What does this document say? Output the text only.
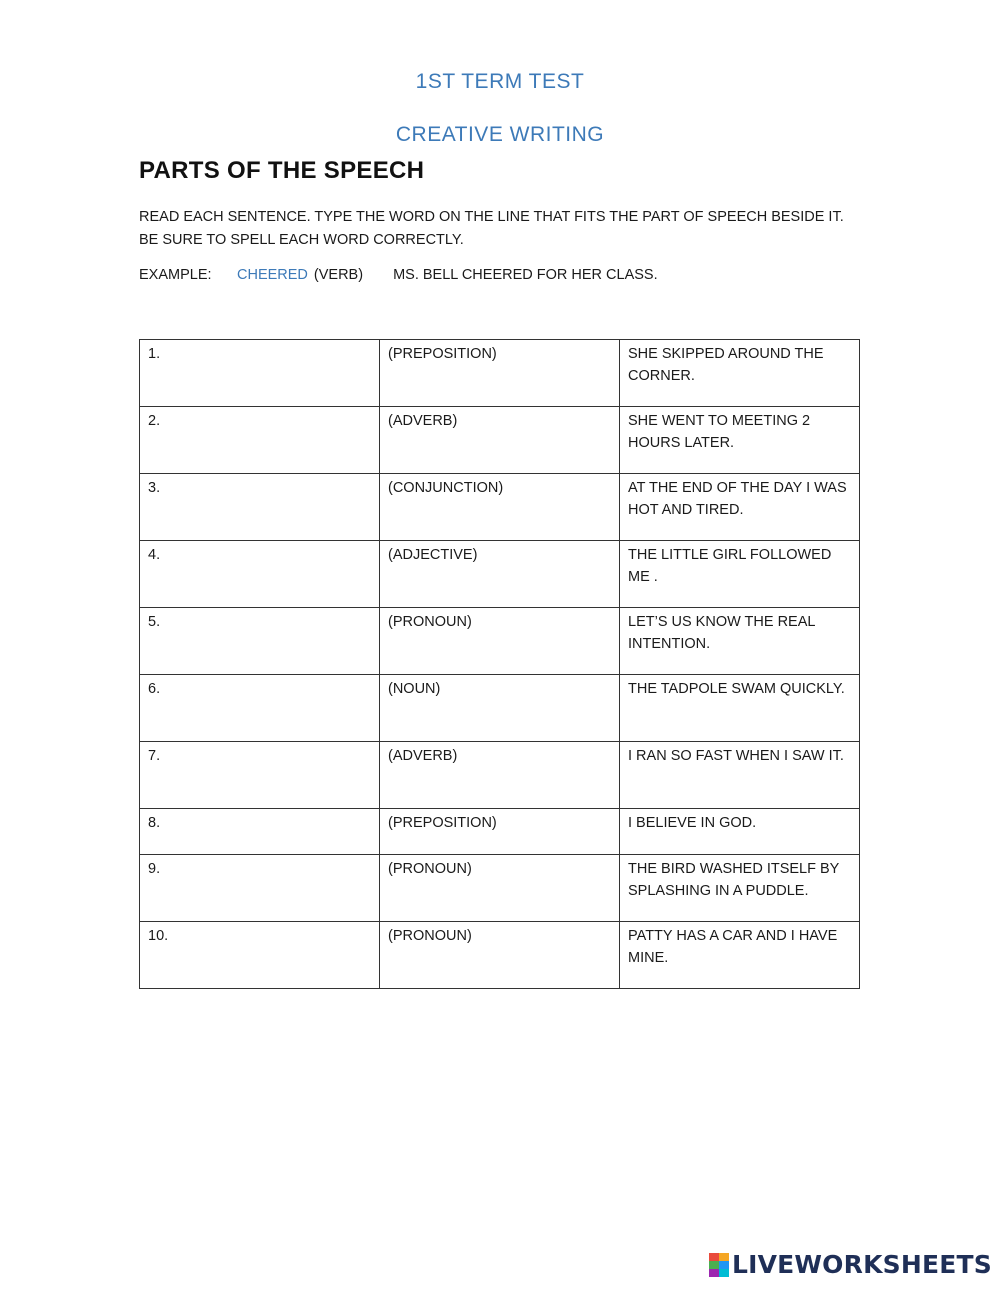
1ST TERM TEST
CREATIVE WRITING
PARTS OF THE SPEECH
READ EACH SENTENCE. TYPE THE WORD ON THE LINE THAT FITS THE PART OF SPEECH BESIDE IT. BE SURE TO SPELL EACH WORD CORRECTLY.
EXAMPLE: CHEERED (VERB) MS. BELL CHEERED FOR HER CLASS.
1.	(PREPOSITION)	SHE SKIPPED AROUND THE CORNER.
2.	(ADVERB)	SHE WENT TO MEETING 2 HOURS LATER.
3.	(CONJUNCTION)	AT THE END OF THE DAY I WAS HOT AND TIRED.
4.	(ADJECTIVE)	THE LITTLE GIRL FOLLOWED ME .
5.	(PRONOUN)	LET’S US KNOW THE REAL INTENTION.
6.	(NOUN)	THE TADPOLE SWAM QUICKLY.
7.	(ADVERB)	I RAN SO FAST WHEN I SAW IT.
8.	(PREPOSITION)	I BELIEVE IN GOD.
9.	(PRONOUN)	THE BIRD WASHED ITSELF BY SPLASHING IN A PUDDLE.
10.	(PRONOUN)	PATTY HAS A CAR AND I HAVE MINE.
LIVEWORKSHEETS
